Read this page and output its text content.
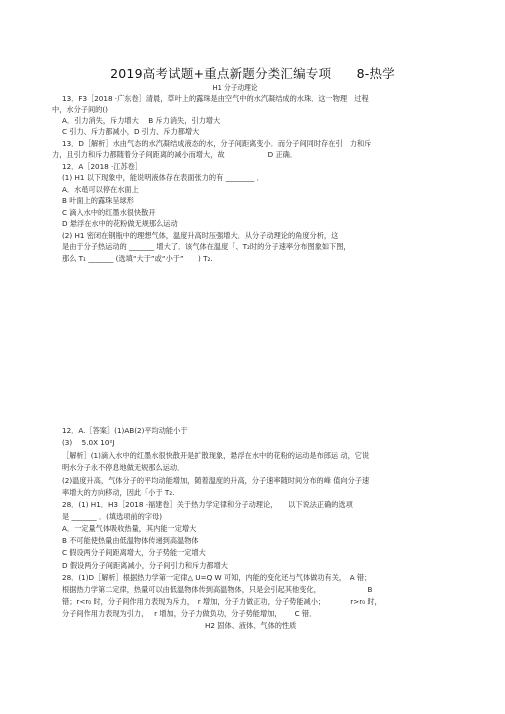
2019高考试题+重点新题分类汇编专项　　8-热学
H1 分子动理论
13．F3［2018 ·广东卷］清晨，草叶上的露珠是由空气中的水汽凝结成的水珠．这一物理　过程
中，水分子间的()
A．引力消失，斥力增大　 B 斥力消失，引力增大
C 引力、斥力都减小，D 引力、斥力都增大
13．D［解析］水由气态的水汽凝结成液态的水，分子间距离变小．而分子间同时存在引　力和斥
力，且引力和斥力都随着分子间距离的减小而增大，故　　　　　　D 正确．
12．A［2018 ·江苏卷］
(1) H1 以下现象中，能说明液体存在表面张力的有 ________ ．
A．水黾可以停在水面上
B 叶面上的露珠呈球形
C 滴入水中的红墨水很快散开
D 悬浮在水中的花粉做无规那么运动
(2) H1 密闭在钢瓶中的理想气体，温度升高时压强增大．从分子动理论的角度分析，这
是由于分子热运动的 _______ 增大了．该气体在温度「、T₂时的分子速率分布图象如下图，
那么 T₁ _______ (选填“大于”或“小于”　　) T₂.
12．A.［答案］(1)AB(2)平均动能小于
(3)　 5.0X 10²J
［解析］(1)滴入水中的红墨水很快散开是扩散现象，悬浮在水中的花粉的运动是布郎运 动，它说
明水分子永不停息地做无规那么运动．
(2)温度升高，气体分子的平均动能增加，随着温度的升高，分子速率随时间分布的峰 值向分子速
率增大的方向移动，因此「小于 T₂.
28．(1) H1．H3［2018 ·福建卷］关于热力学定律和分子动理论，　　以下说法正确的选项
是 _______ ．(填选项前的字母)
A．一定量气体吸收热量，其内能一定增大
B 不可能使热量由低温物体传递到高温物体
C 假设两分子间距离增大，分子势能一定增大
D 假设两分子间距离减小，分子间引力和斥力都增大
28．(1)D［解析］根据热力学第一定律△ U=Q W 可知，内能的变化还与气体做功有关，　A 错；
根据热力学第二定律，热量可以由低温物体传到高温物体，只是会引起其他变化，　　　　　　　B
错；r<r₀ 时，分子间作用力表现为斥力，　r 增加，分子力做正功，分子势能减小；　　　　r>r₀ 时，
分子间作用力表现为引力，　 r 增加，分子力做负功，分子势能增加，　　 C 错．
H2 固体、液体、气体的性质
